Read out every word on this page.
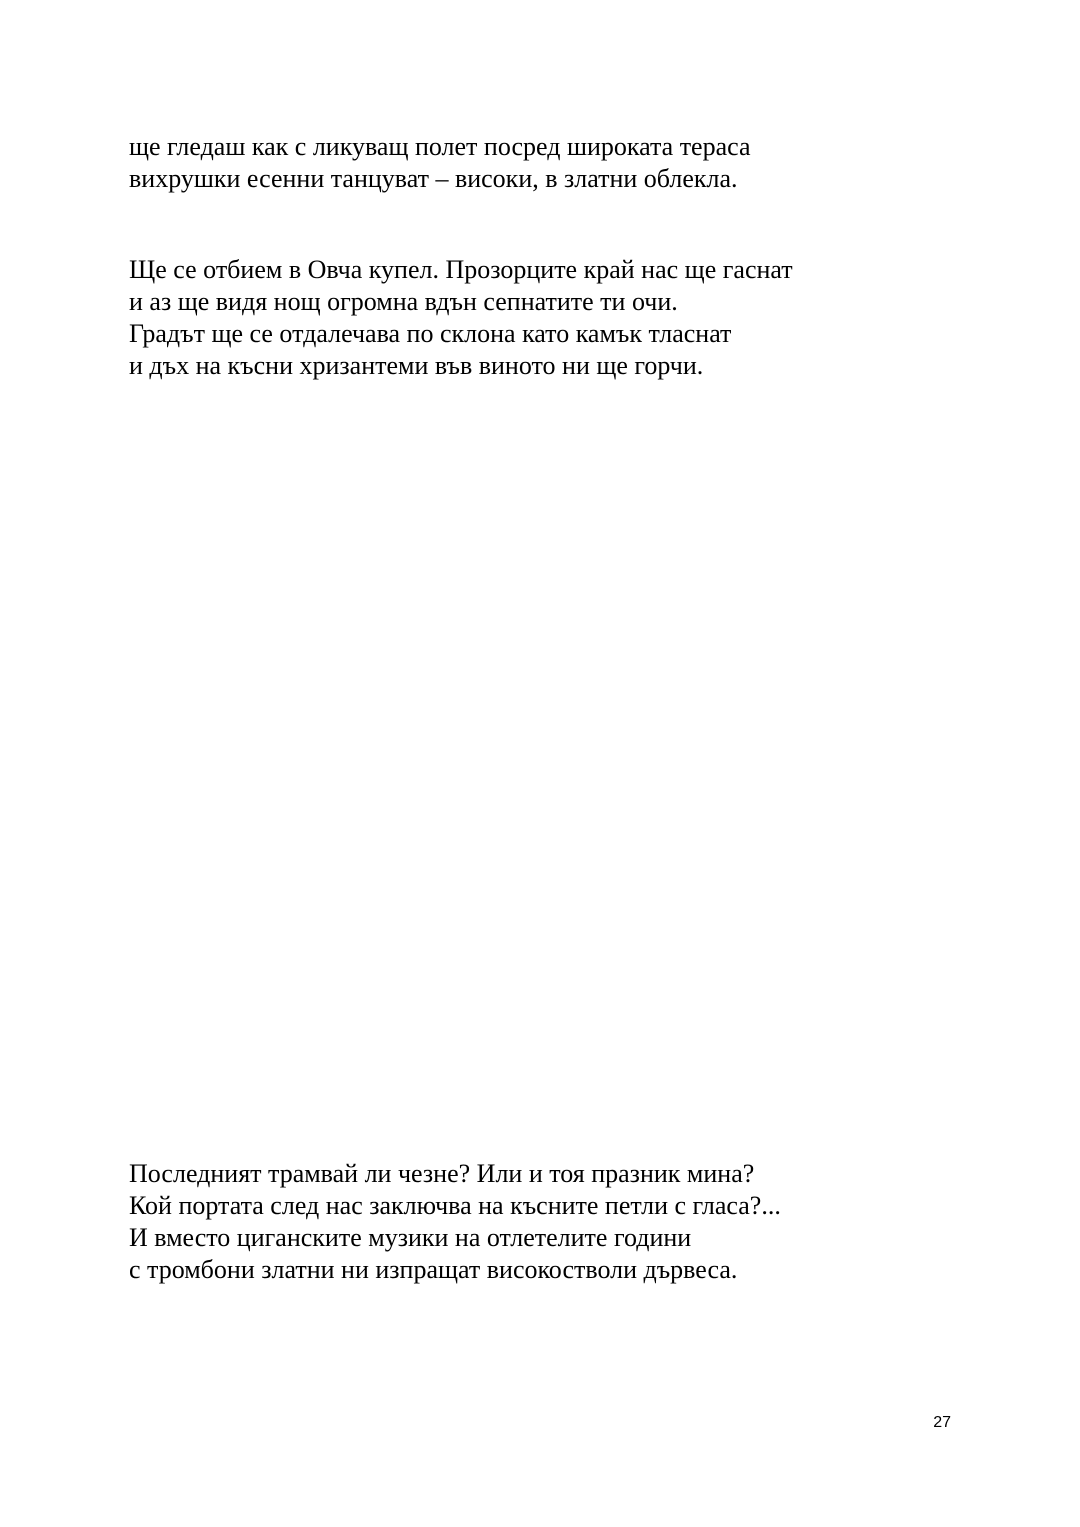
ще гледаш как с ликуващ полет посред широката тераса
вихрушки есенни танцуват – високи, в златни облекла.
Ще се отбием в Овча купел. Прозорците край нас ще гаснат
и аз ще видя нощ огромна вдън сепнатите ти очи.
Градът ще се отдалечава по склона като камък тласнат
и дъх на късни хризантеми във виното ни ще горчи.
Последният трамвай ли чезне? Или и тоя празник мина?
Кой портата след нас заключва на късните петли с гласа?...
И вместо циганските музики на отлетелите години
с тромбони златни ни изпращат високостволи дървеса.
27
